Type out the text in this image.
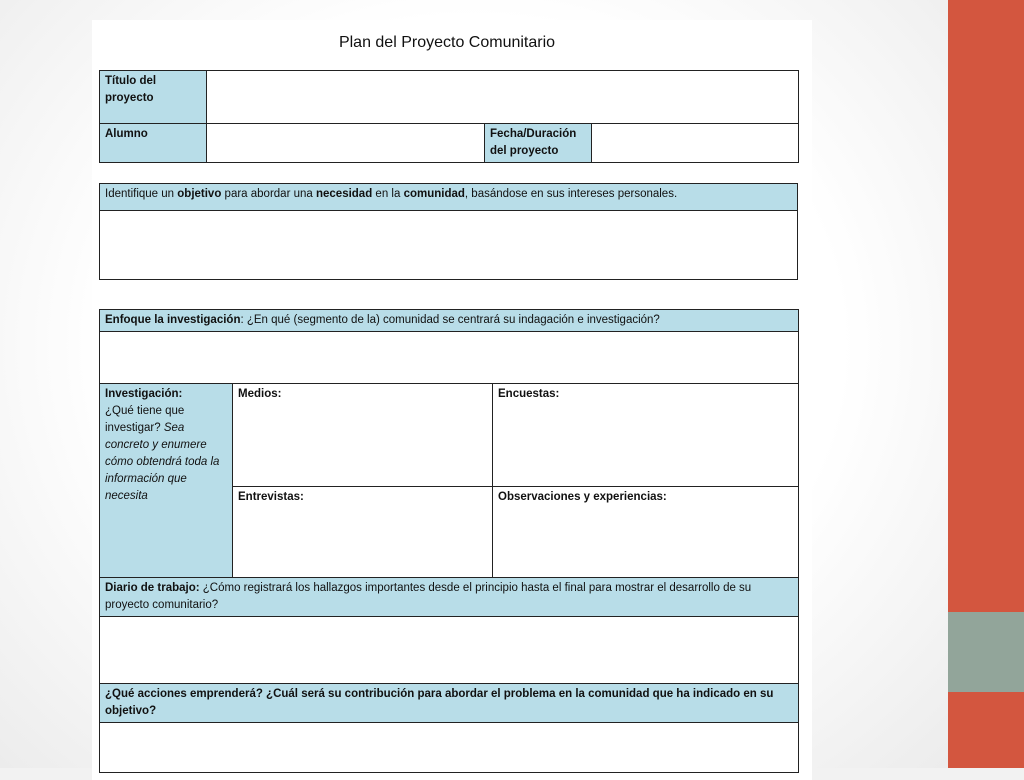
Plan del Proyecto Comunitario
Título del
proyecto			
Alumno		Fecha/Duración
del proyecto	
Identifique un objetivo para abordar una necesidad en la comunidad, basándose en sus intereses personales.

Enfoque la investigación: ¿En qué (segmento de la) comunidad se centrará su indagación e investigación?		

Investigación:
¿Qué tiene que investigar? Sea concreto y enumere cómo obtendrá toda la información que necesita	Medios:	Encuestas:
	Entrevistas:	Observaciones y experiencias:
Diario de trabajo: ¿Cómo registrará los hallazgos importantes desde el principio hasta el final para mostrar el desarrollo de su proyecto comunitario?		

¿Qué acciones emprenderá? ¿Cuál será su contribución para abordar el problema en la comunidad que ha indicado en su objetivo?		
